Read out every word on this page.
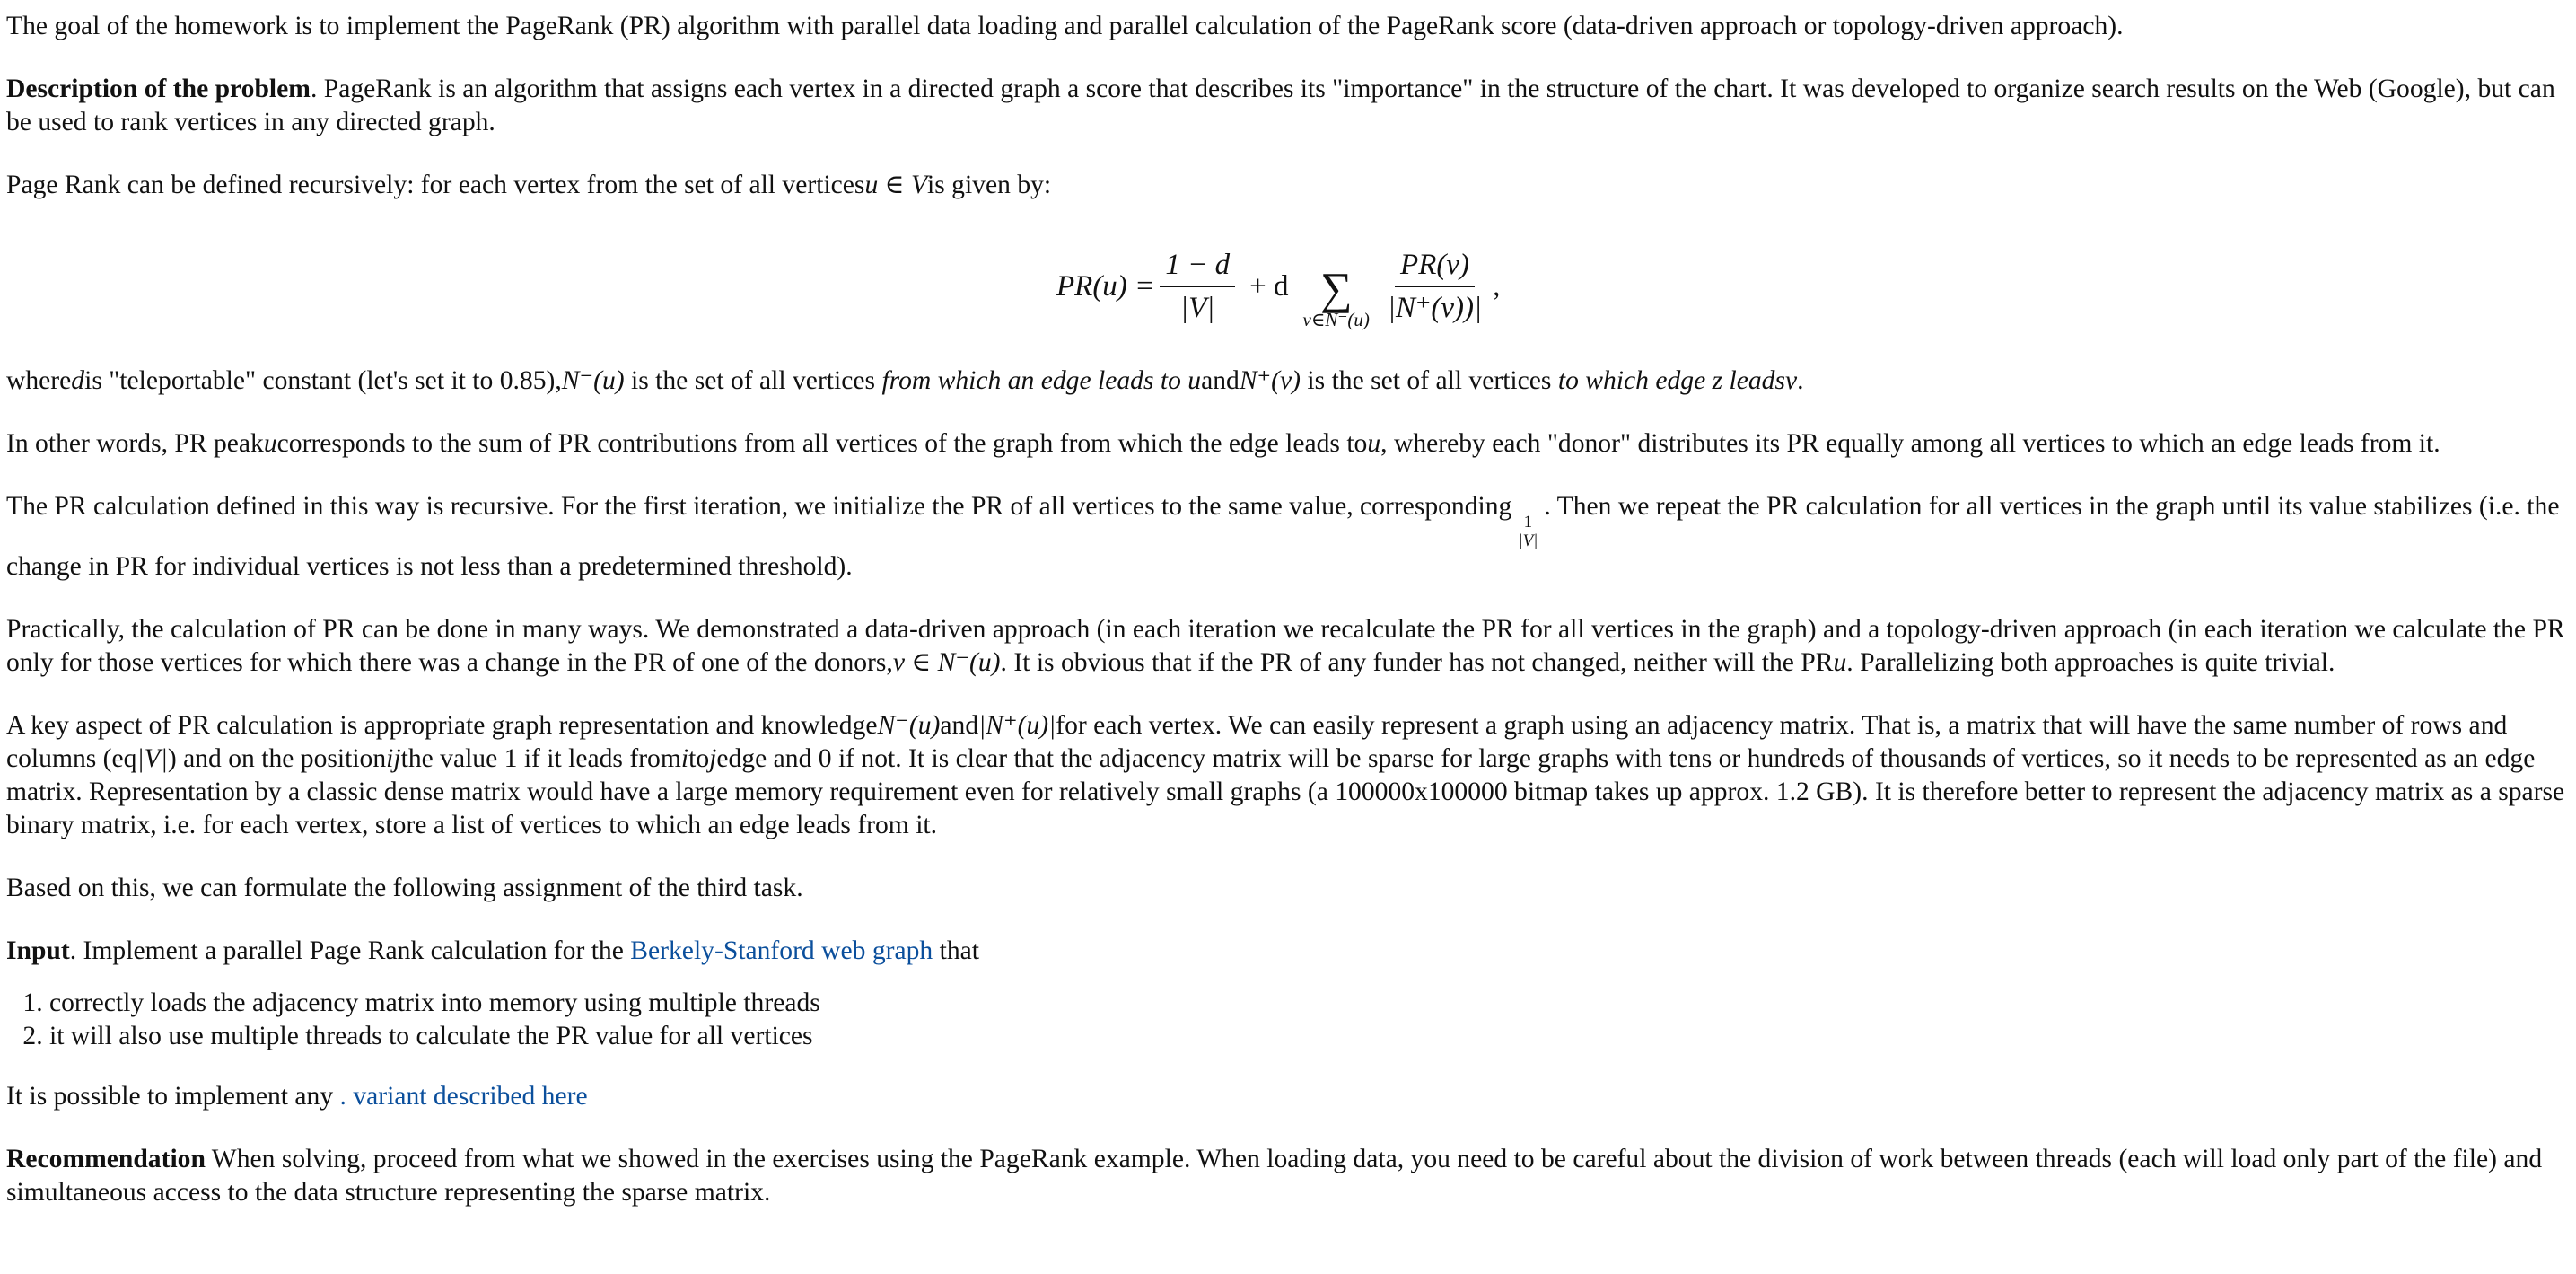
The goal of the homework is to implement the PageRank (PR) algorithm with parallel data loading and parallel calculation of the PageRank score (data-driven approach or topology-driven approach).

Description of the problem. PageRank is an algorithm that assigns each vertex in a directed graph a score that describes its "importance" in the structure of the chart. It was developed to organize search results on the Web (Google), but can be used to rank vertices in any directed graph.

Page Rank can be defined recursively: for each vertex from the set of all verticesu ∈ Vis given by:

$PR(u) = \frac{1 - d}{|V|} + d$ ∑
v∈N⁻(u) $\frac{PR(v)}{|N^+(v))|}$ ,

wheredis "teleportable" constant (let's set it to 0.85),N⁻(u) is the set of all vertices from which an edge leads to uandN⁺(v) is the set of all vertices to which edge z leadsv.

In other words, PR peakucorresponds to the sum of PR contributions from all vertices of the graph from which the edge leads tou, whereby each "donor" distributes its PR equally among all vertices to which an edge leads from it.

The PR calculation defined in this way is recursive. For the first iteration, we initialize the PR of all vertices to the same value, corresponding
$\frac{1}{|V|}$
. Then we repeat the PR calculation for all vertices in the graph until its value stabilizes (i.e. the change in PR for individual vertices is not less than a predetermined threshold).

Practically, the calculation of PR can be done in many ways. We demonstrated a data-driven approach (in each iteration we recalculate the PR for all vertices in the graph) and a topology-driven approach (in each iteration we calculate the PR only for those vertices for which there was a change in the PR of one of the donors,v ∈ N⁻(u). It is obvious that if the PR of any funder has not changed, neither will the PRu. Parallelizing both approaches is quite trivial.

A key aspect of PR calculation is appropriate graph representation and knowledgeN⁻(u)and|N⁺(u)|for each vertex. We can easily represent a graph using an adjacency matrix. That is, a matrix that will have the same number of rows and columns (eq|V|) and on the positionijthe value 1 if it leads fromitojedge and 0 if not. It is clear that the adjacency matrix will be sparse for large graphs with tens or hundreds of thousands of vertices, so it needs to be represented as an edge matrix. Representation by a classic dense matrix would have a large memory requirement even for relatively small graphs (a 100000x100000 bitmap takes up approx. 1.2 GB). It is therefore better to represent the adjacency matrix as a sparse binary matrix, i.e. for each vertex, store a list of vertices to which an edge leads from it.

Based on this, we can formulate the following assignment of the third task.

Input. Implement a parallel Page Rank calculation for the Berkely-Stanford web graph that

1. correctly loads the adjacency matrix into memory using multiple threads
2. it will also use multiple threads to calculate the PR value for all vertices

It is possible to implement any . variant described here

Recommendation When solving, proceed from what we showed in the exercises using the PageRank example. When loading data, you need to be careful about the division of work between threads (each will load only part of the file) and simultaneous access to the data structure representing the sparse matrix.
